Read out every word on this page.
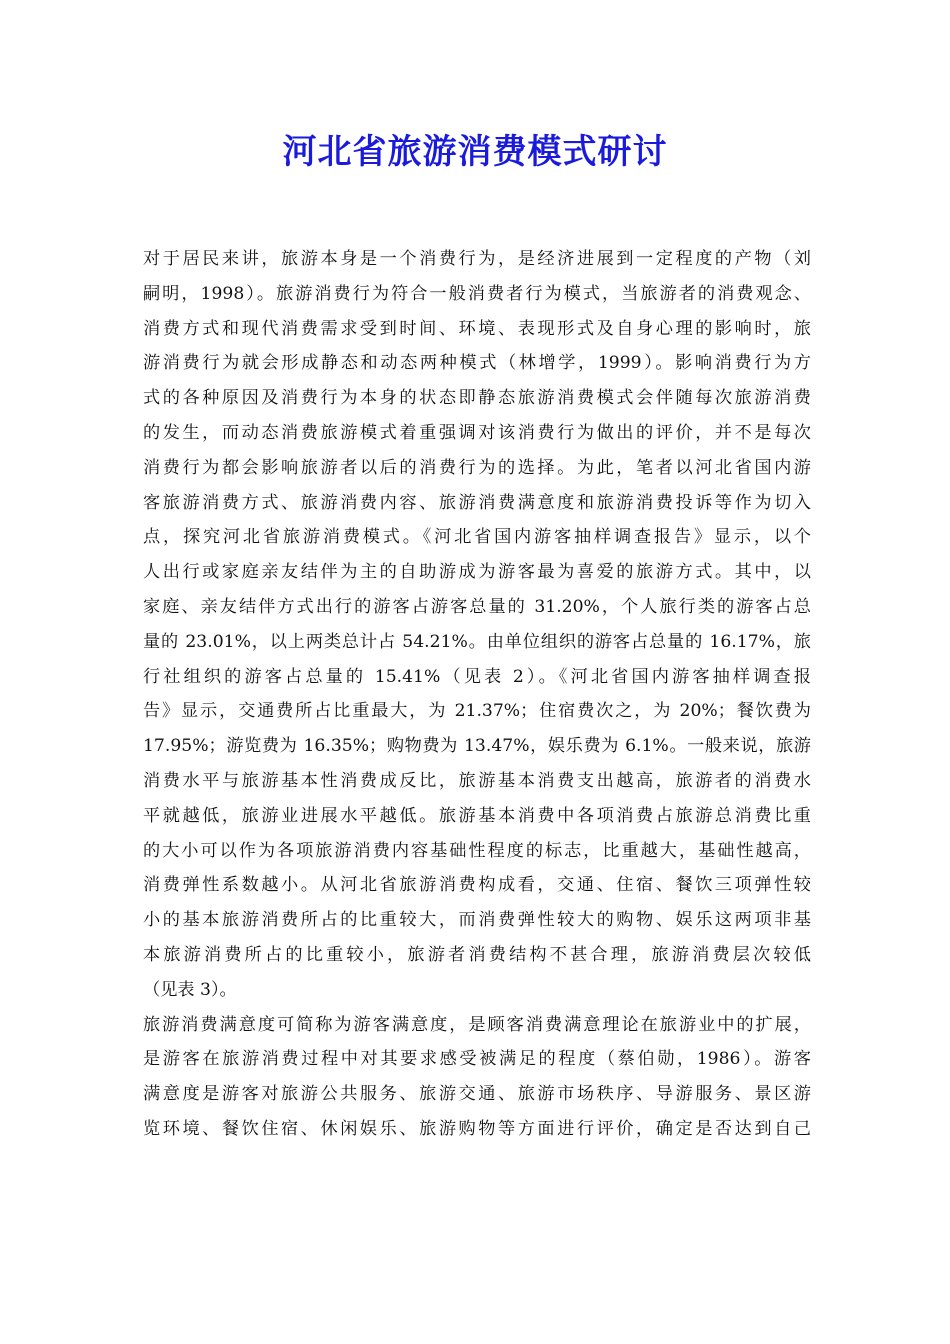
河北省旅游消费模式研讨

对于居民来讲，旅游本身是一个消费行为，是经济进展到一定程度的产物（刘
嗣明，1998）。旅游消费行为符合一般消费者行为模式，当旅游者的消费观念、
消费方式和现代消费需求受到时间、环境、表现形式及自身心理的影响时，旅
游消费行为就会形成静态和动态两种模式（林增学，1999）。影响消费行为方
式的各种原因及消费行为本身的状态即静态旅游消费模式会伴随每次旅游消费
的发生，而动态消费旅游模式着重强调对该消费行为做出的评价，并不是每次
消费行为都会影响旅游者以后的消费行为的选择。为此，笔者以河北省国内游
客旅游消费方式、旅游消费内容、旅游消费满意度和旅游消费投诉等作为切入
点，探究河北省旅游消费模式。《河北省国内游客抽样调查报告》显示，以个
人出行或家庭亲友结伴为主的自助游成为游客最为喜爱的旅游方式。其中，以
家庭、亲友结伴方式出行的游客占游客总量的 31.20%，个人旅行类的游客占总
量的 23.01%，以上两类总计占 54.21%。由单位组织的游客占总量的 16.17%，旅
行社组织的游客占总量的 15.41%（见表 2）。《河北省国内游客抽样调查报
告》显示，交通费所占比重最大，为 21.37%；住宿费次之，为 20%；餐饮费为
17.95%；游览费为 16.35%；购物费为 13.47%，娱乐费为 6.1%。一般来说，旅游
消费水平与旅游基本性消费成反比，旅游基本消费支出越高，旅游者的消费水
平就越低，旅游业进展水平越低。旅游基本消费中各项消费占旅游总消费比重
的大小可以作为各项旅游消费内容基础性程度的标志，比重越大，基础性越高，
消费弹性系数越小。从河北省旅游消费构成看，交通、住宿、餐饮三项弹性较
小的基本旅游消费所占的比重较大，而消费弹性较大的购物、娱乐这两项非基
本旅游消费所占的比重较小，旅游者消费结构不甚合理，旅游消费层次较低
（见表 3）。

旅游消费满意度可简称为游客满意度，是顾客消费满意理论在旅游业中的扩展，
是游客在旅游消费过程中对其要求感受被满足的程度（蔡伯勋，1986）。游客
满意度是游客对旅游公共服务、旅游交通、旅游市场秩序、导游服务、景区游
览环境、餐饮住宿、休闲娱乐、旅游购物等方面进行评价，确定是否达到自己
